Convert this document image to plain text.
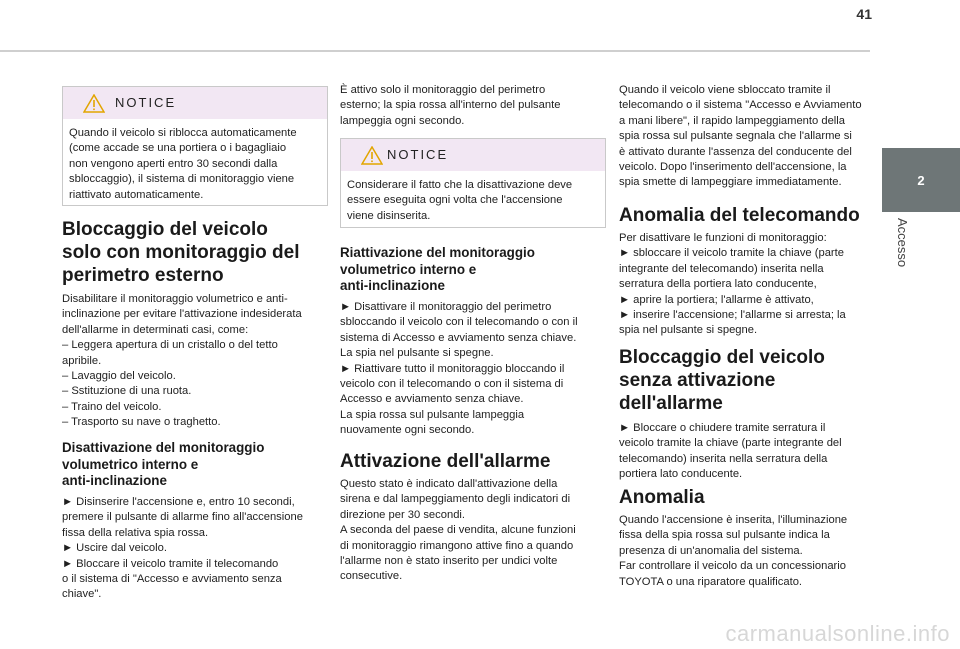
41
2
Accesso
NOTICE
Quando il veicolo si riblocca automaticamente
(come accade se una portiera o i bagagliaio
non vengono aperti entro 30 secondi dalla
sbloccaggio), il sistema di monitoraggio viene
riattivato automaticamente.
Bloccaggio del veicolo
solo con monitoraggio del
perimetro esterno
Disabilitare il monitoraggio volumetrico e anti-
inclinazione per evitare l'attivazione indesiderata
dell'allarme in determinati casi, come:
– Leggera apertura di un cristallo o del tetto
apribile.
– Lavaggio del veicolo.
– Sstituzione di una ruota.
– Traino del veicolo.
– Trasporto su nave o traghetto.
Disattivazione del monitoraggio
volumetrico interno e
anti-inclinazione
► Disinserire l'accensione e, entro 10 secondi,
premere il pulsante di allarme fino all'accensione
fissa della relativa spia rossa.
► Uscire dal veicolo.
► Bloccare il veicolo tramite il telecomando
o il sistema di "Accesso e avviamento senza
chiave".
È attivo solo il monitoraggio del perimetro
esterno; la spia rossa all'interno del pulsante
lampeggia ogni secondo.
NOTICE
Considerare il fatto che la disattivazione deve
essere eseguita ogni volta che l'accensione
viene disinserita.
Riattivazione del monitoraggio
volumetrico interno e
anti-inclinazione
► Disattivare il monitoraggio del perimetro
sbloccando il veicolo con il telecomando o con il
sistema di Accesso e avviamento senza chiave.
La spia nel pulsante si spegne.
► Riattivare tutto il monitoraggio bloccando il
veicolo con il telecomando o con il sistema di
Accesso e avviamento senza chiave.
La spia rossa sul pulsante lampeggia
nuovamente ogni secondo.
Attivazione dell'allarme
Questo stato è indicato dall'attivazione della
sirena e dal lampeggiamento degli indicatori di
direzione per 30 secondi.
A seconda del paese di vendita, alcune funzioni
di monitoraggio rimangono attive fino a quando
l'allarme non è stato inserito per undici volte
consecutive.
Quando il veicolo viene sbloccato tramite il
telecomando o il sistema "Accesso e Avviamento
a mani libere", il rapido lampeggiamento della
spia rossa sul pulsante segnala che l'allarme si
è attivato durante l'assenza del conducente del
veicolo. Dopo l'inserimento dell'accensione, la
spia smette di lampeggiare immediatamente.
Anomalia del telecomando
Per disattivare le funzioni di monitoraggio:
► sbloccare il veicolo tramite la chiave (parte
integrante del telecomando) inserita nella
serratura della portiera lato conducente,
► aprire la portiera; l'allarme è attivato,
► inserire l'accensione; l'allarme si arresta; la
spia nel pulsante si spegne.
Bloccaggio del veicolo
senza attivazione
dell'allarme
► Bloccare o chiudere tramite serratura il
veicolo tramite la chiave (parte integrante del
telecomando) inserita nella serratura della
portiera lato conducente.
Anomalia
Quando l'accensione è inserita, l'illuminazione
fissa della spia rossa sul pulsante indica la
presenza di un'anomalia del sistema.
Far controllare il veicolo da un concessionario
TOYOTA o una riparatore qualificato.
carmanualsonline.info
